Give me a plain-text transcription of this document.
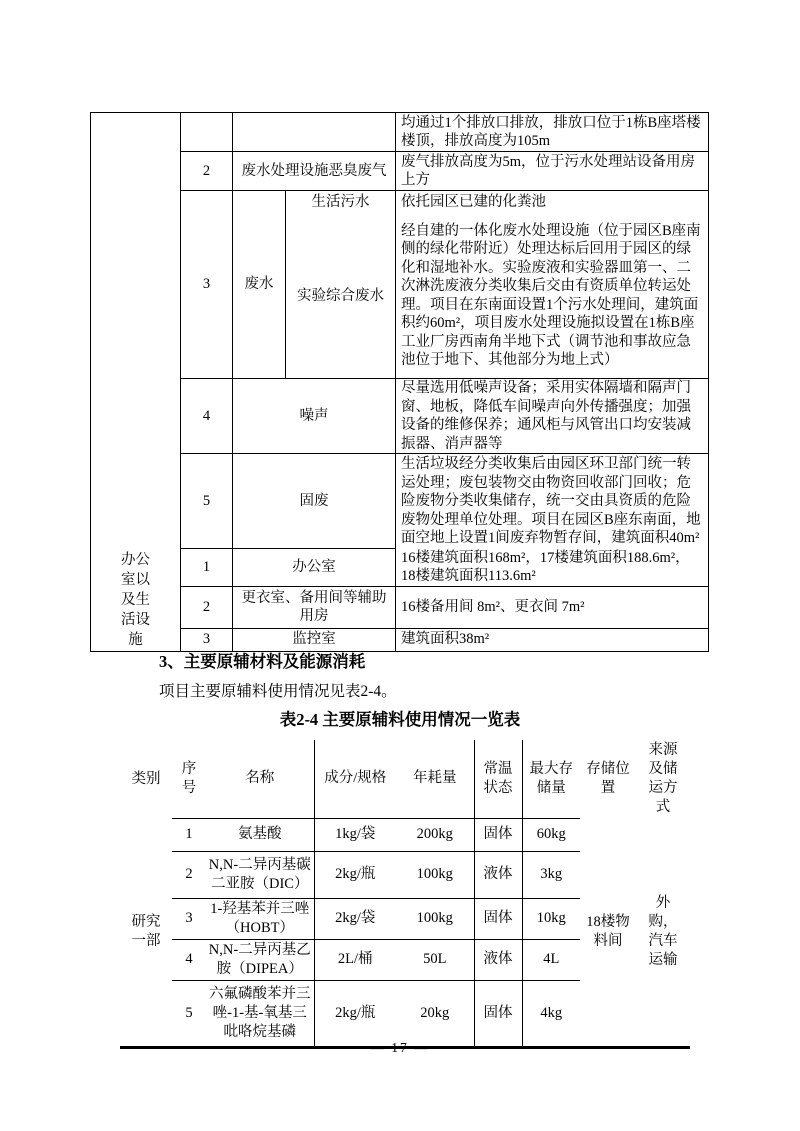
				均通过1个排放口排放，排放口位于1栋B座塔楼楼顶，排放高度为105m
	2	废水处理设施恶臭废气		废气排放高度为5m，位于污水处理站设备用房上方
	3	废水	生活污水	依托园区已建的化粪池
			实验综合废水	经自建的一体化废水处理设施（位于园区B座南侧的绿化带附近）处理达标后回用于园区的绿化和湿地补水。实验废液和实验器皿第一、二次淋洗废液分类收集后交由有资质单位转运处理。项目在东南面设置1个污水处理间，建筑面积约60m²，项目废水处理设施拟设置在1栋B座工业厂房西南角半地下式（调节池和事故应急池位于地下、其他部分为地上式）
	4	噪声		尽量选用低噪声设备；采用实体隔墙和隔声门窗、地板，降低车间噪声向外传播强度；加强设备的维修保养；通风柜与风管出口均安装减振器、消声器等
	5	固废		生活垃圾经分类收集后由园区环卫部门统一转运处理；废包装物交由物资回收部门回收；危险废物分类收集储存，统一交由具资质的危险废物处理单位处理。项目在园区B座东南面，地面空地上设置1间废弃物暂存间，建筑面积40m²
办公室以及生活设施	1	办公室		16楼建筑面积168m²，17楼建筑面积188.6m²，18楼建筑面积113.6m²
	2	更衣室、备用间等辅助用房		16楼备用间 8m²、更衣间 7m²
	3	监控室		建筑面积38m²
3、主要原辅材料及能源消耗
项目主要原辅料使用情况见表2-4。
表2-4 主要原辅料使用情况一览表
类别	序号	名称	成分/规格	年耗量	常温状态	最大存储量	存储位置	来源及储运方式
研究一部	1	氨基酸	1kg/袋	200kg	固体	60kg	18楼物料间	外购，汽车运输
	2	N,N-二异丙基碳二亚胺（DIC）	2kg/瓶	100kg	液体	3kg		
	3	1-羟基苯并三唑（HOBT）	2kg/袋	100kg	固体	10kg		
	4	N,N-二异丙基乙胺（DIPEA）	2L/桶	50L	液体	4L		
	5	六氟磷酸苯并三唑-1-基-氧基三吡咯烷基磷	2kg/瓶	20kg	固体	4kg		
— 17 —
